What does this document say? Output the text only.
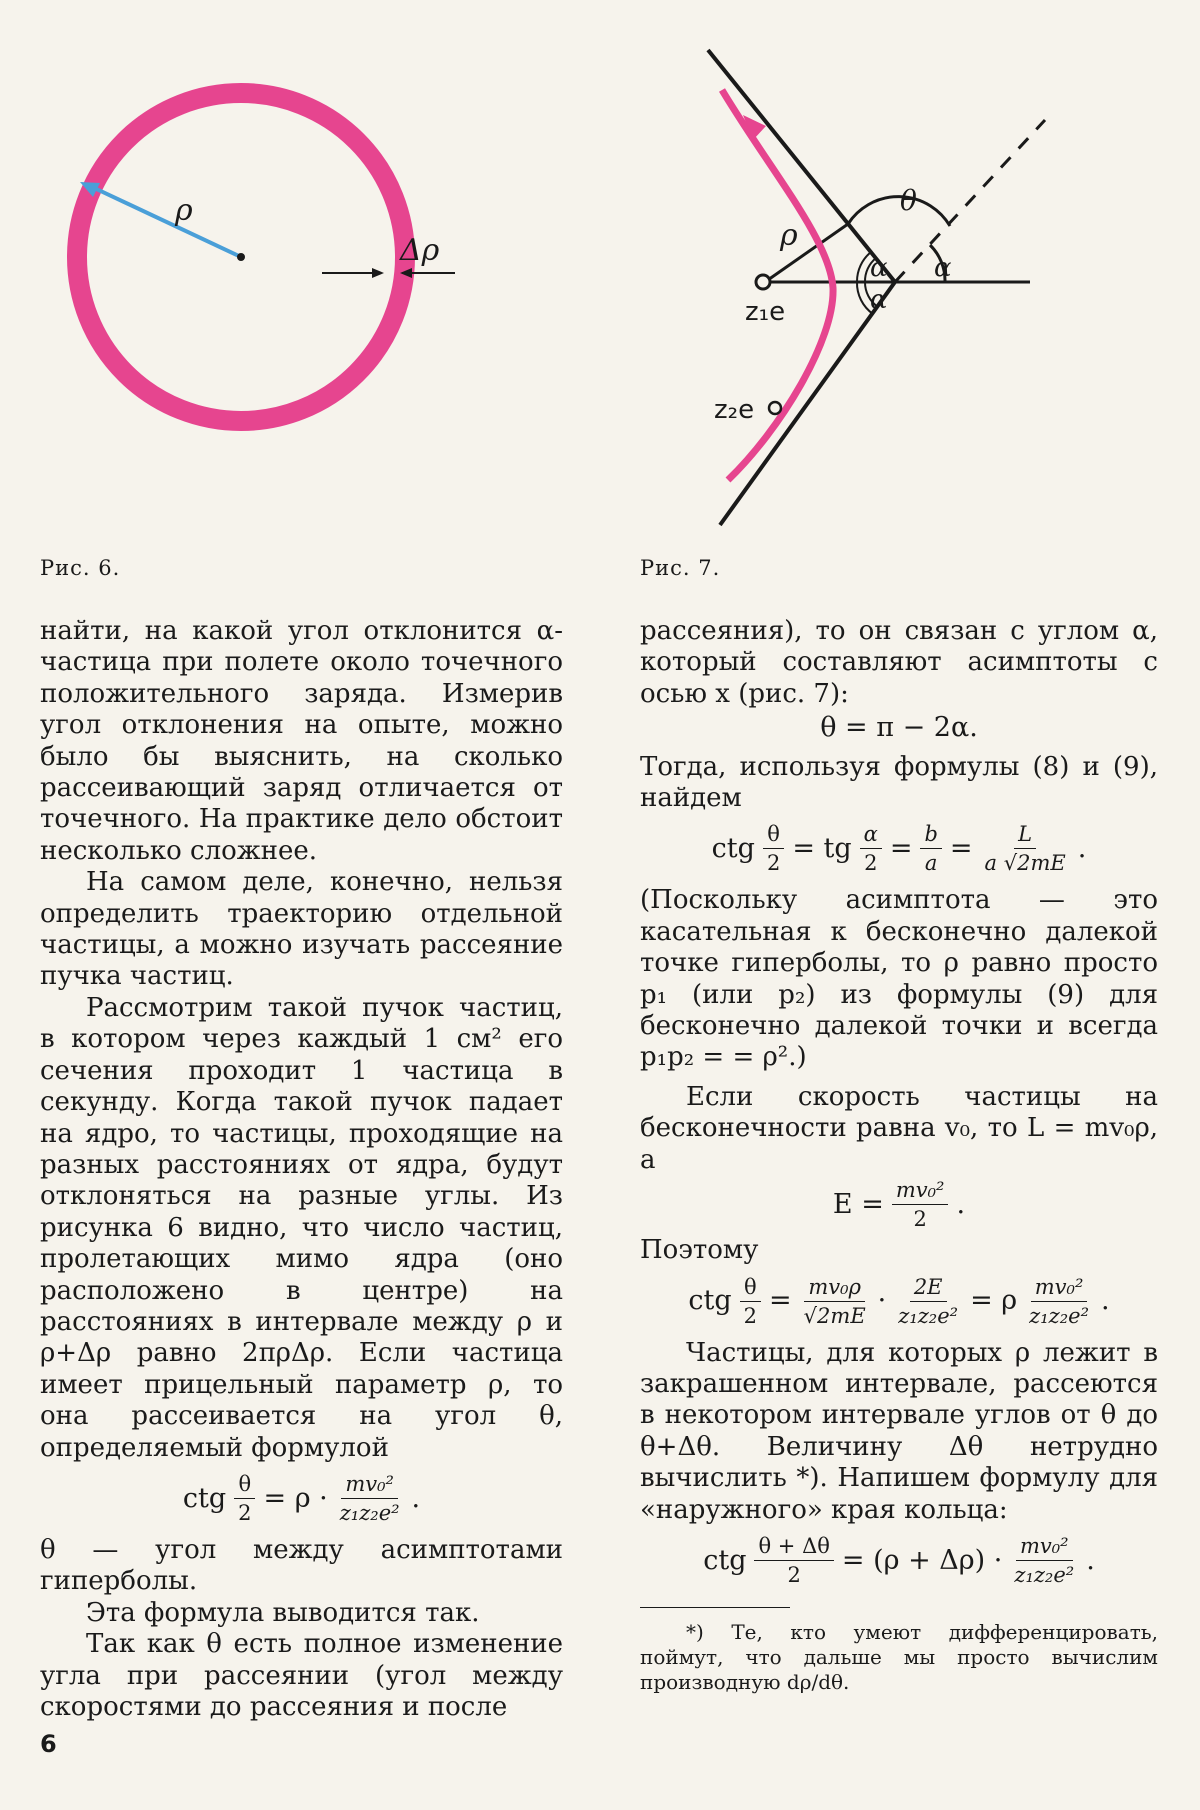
ρ
Δρ
Рис. 6.
ρ
θ
α
α
α
z₁e
z₂e
Рис. 7.

найти, на какой угол отклонится α-частица при полете около точечного положительного заряда. Измерив угол отклонения на опыте, можно было бы выяснить, на сколько рассеивающий заряд отличается от точечного. На практике дело обстоит несколько сложнее.

На самом деле, конечно, нельзя определить траекторию отдельной частицы, а можно изучать рассеяние пучка частиц.

Рассмотрим такой пучок частиц, в котором через каждый 1 см² его сечения проходит 1 частица в секунду. Когда такой пучок падает на ядро, то частицы, проходящие на разных расстояниях от ядра, будут отклоняться на разные углы. Из рисунка 6 видно, что число частиц, пролетающих мимо ядра (оно расположено в центре) на расстояниях в интервале между ρ и ρ+Δρ равно 2πρΔρ. Если частица имеет прицельный параметр ρ, то она рассеивается на угол θ, определяемый формулой

ctg $\frac{\theta}{2} = \rho \cdot \frac{\text{mv₀²}}{\text{z₁z₂e²}}$ .

θ — угол между асимптотами гиперболы.

Эта формула выводится так.

Так как θ есть полное изменение угла при рассеянии (угол между скоростями до рассеяния и после

рассеяния), то он связан с углом α, который составляют асимптоты с осью x (рис. 7):

θ = π − 2α.

Тогда, используя формулы (8) и (9), найдем

ctg $\frac{\theta}{2}$ = tg $\frac{\alpha}{2} = \frac{b}{a} = \frac{L}{a √2mE}$ .

(Поскольку асимптота — это касательная к бесконечно далекой точке гиперболы, то ρ равно просто p₁ (или p₂) из формулы (9) для бесконечно далекой точки и всегда p₁p₂ = = ρ².)

Если скорость частицы на бесконечности равна v₀, то L = mv₀ρ, а

$E = \frac{\text{mv₀²}}{2}$ .

Поэтому

ctg $\frac{\theta}{2} = \frac{\text{mv₀ρ}}{√2mE} \cdot \frac{2E}{\text{z₁z₂e²}} = \rho \frac{\text{mv₀²}}{\text{z₁z₂e²}}$ .

Частицы, для которых ρ лежит в закрашенном интервале, рассеются в некотором интервале углов от θ до θ+Δθ. Величину Δθ нетрудно вычислить *). Напишем формулу для «наружного» края кольца:

ctg $\frac{\theta + \Delta\theta}{2} = (\rho + \Delta\rho) \cdot \frac{\text{mv₀²}}{\text{z₁z₂e²}}$ .

*) Те, кто умеют дифференцировать, поймут, что дальше мы просто вычислим производную dρ/dθ.

6
